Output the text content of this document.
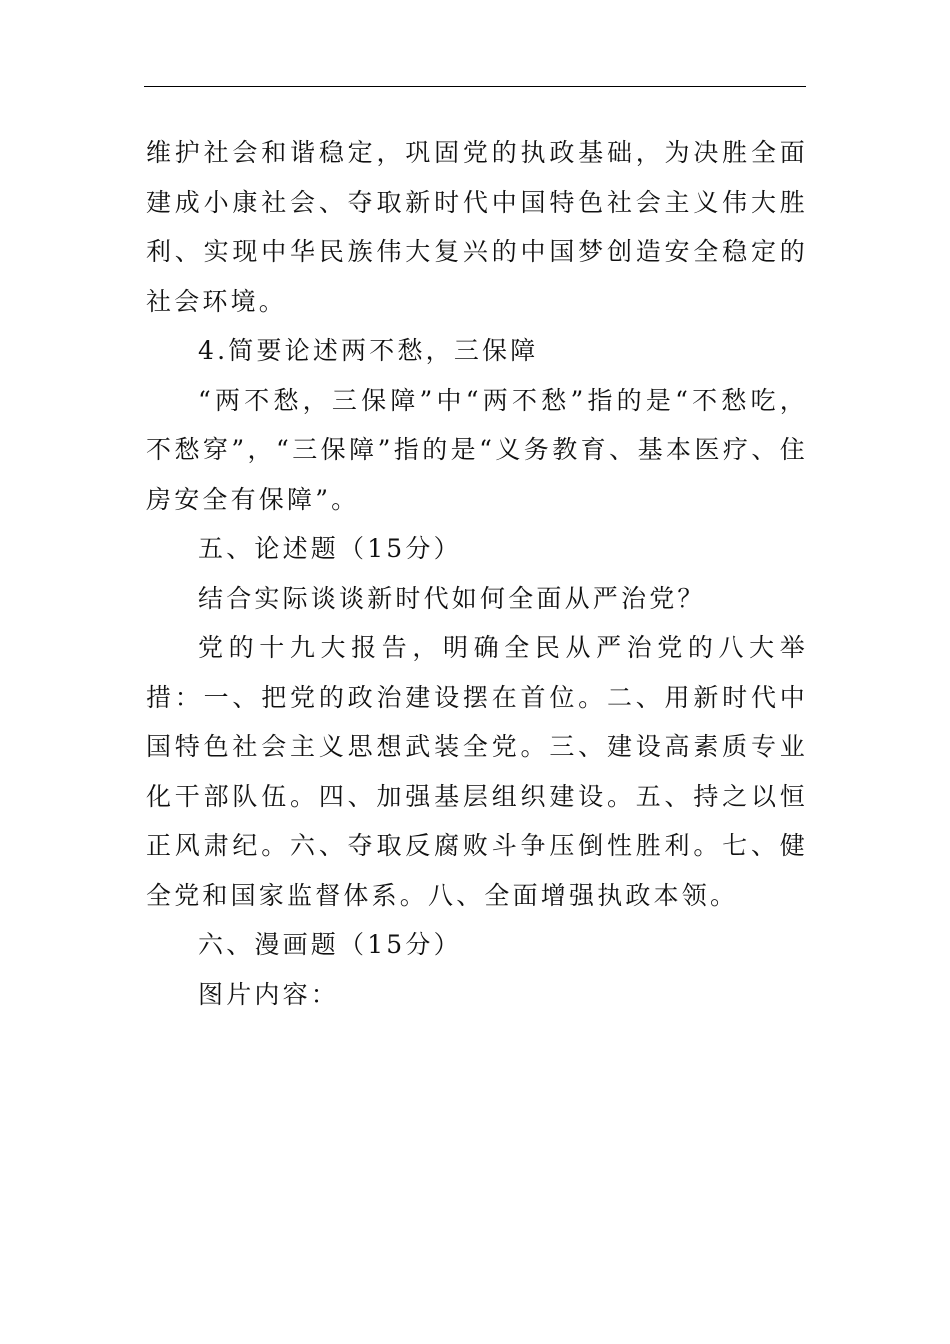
维护社会和谐稳定，巩固党的执政基础，为决胜全面建成小康社会、夺取新时代中国特色社会主义伟大胜利、实现中华民族伟大复兴的中国梦创造安全稳定的社会环境。

4.简要论述两不愁，三保障

“两不愁，三保障”中“两不愁”指的是“不愁吃，不愁穿”，“三保障”指的是“义务教育、基本医疗、住房安全有保障”。

五、论述题（15分）

结合实际谈谈新时代如何全面从严治党？

党的十九大报告，明确全民从严治党的八大举措：一、把党的政治建设摆在首位。二、用新时代中国特色社会主义思想武装全党。三、建设高素质专业化干部队伍。四、加强基层组织建设。五、持之以恒正风肃纪。六、夺取反腐败斗争压倒性胜利。七、健全党和国家监督体系。八、全面增强执政本领。

六、漫画题（15分）

图片内容：
